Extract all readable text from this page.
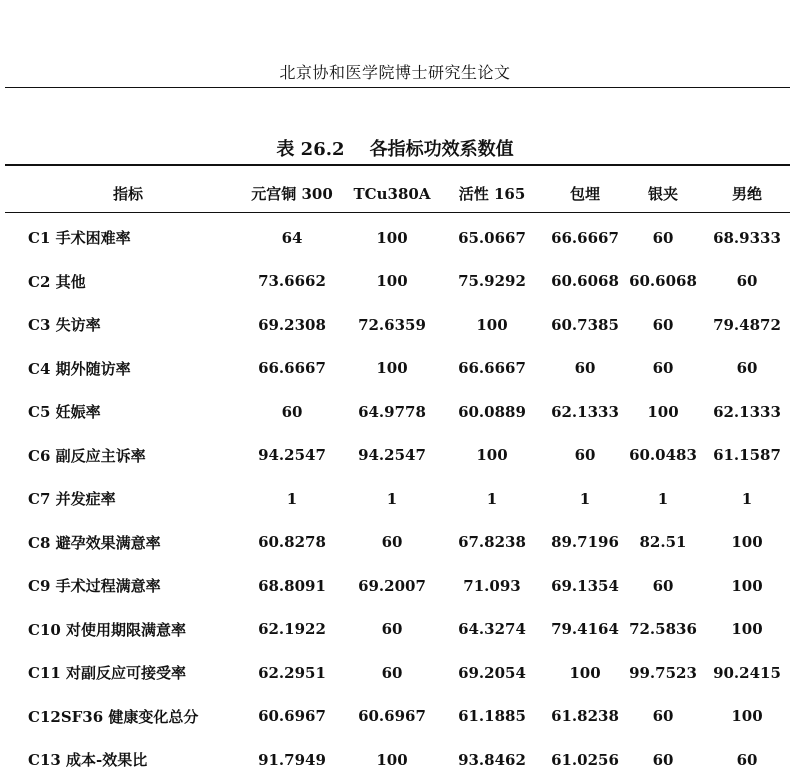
北京协和医学院博士研究生论文
表 26.2    各指标功效系数值
指标	元宫铜 300	TCu380A	活性 165	包埋	银夹	男绝
C1 手术困难率	64	100	65.0667	66.6667	60	68.9333
C2 其他	73.6662	100	75.9292	60.6068	60.6068	60
C3 失访率	69.2308	72.6359	100	60.7385	60	79.4872
C4 期外随访率	66.6667	100	66.6667	60	60	60
C5 妊娠率	60	64.9778	60.0889	62.1333	100	62.1333
C6 副反应主诉率	94.2547	94.2547	100	60	60.0483	61.1587
C7 并发症率	1	1	1	1	1	1
C8 避孕效果满意率	60.8278	60	67.8238	89.7196	82.51	100
C9 手术过程满意率	68.8091	69.2007	71.093	69.1354	60	100
C10 对使用期限满意率	62.1922	60	64.3274	79.4164	72.5836	100
C11 对副反应可接受率	62.2951	60	69.2054	100	99.7523	90.2415
C12SF36 健康变化总分	60.6967	60.6967	61.1885	61.8238	60	100
C13 成本-效果比	91.7949	100	93.8462	61.0256	60	60
